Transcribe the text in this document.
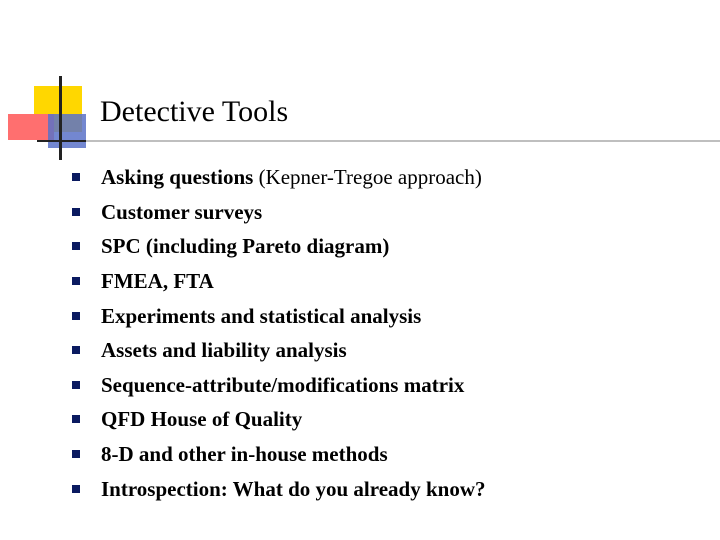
Detective Tools
Asking questions (Kepner-Tregoe approach)
Customer surveys
SPC (including Pareto diagram)
FMEA, FTA
Experiments and statistical analysis
Assets and liability analysis
Sequence-attribute/modifications matrix
QFD House of Quality
8-D and other in-house methods
Introspection: What do you already know?
